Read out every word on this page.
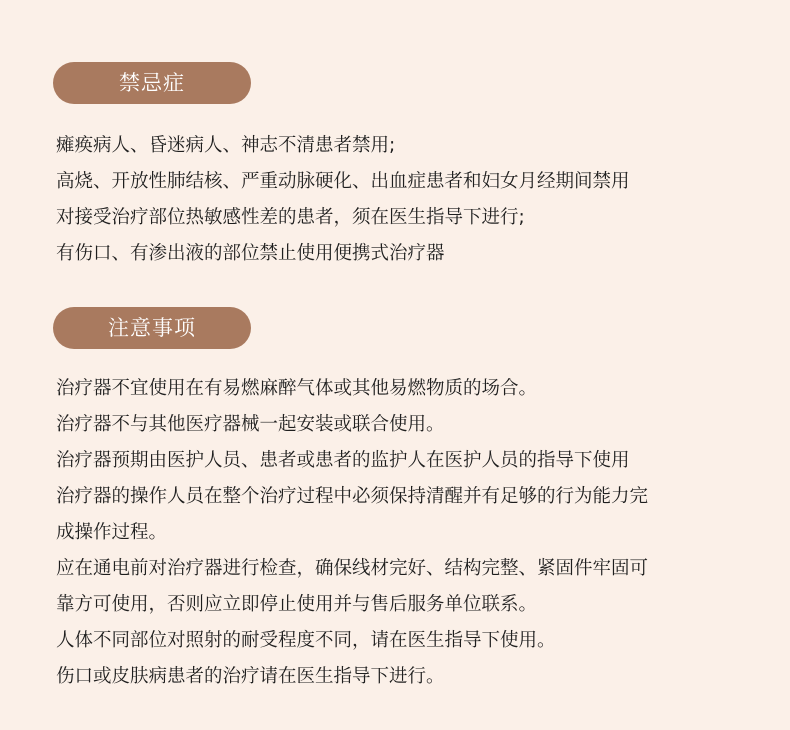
禁忌症
瘫痪病人、昏迷病人、神志不清患者禁用;
高烧、开放性肺结核、严重动脉硬化、出血症患者和妇女月经期间禁用
对接受治疗部位热敏感性差的患者，须在医生指导下进行;
有伤口、有渗出液的部位禁止使用便携式治疗器
注意事项
治疗器不宜使用在有易燃麻醉气体或其他易燃物质的场合。
治疗器不与其他医疗器械一起安装或联合使用。
治疗器预期由医护人员、患者或患者的监护人在医护人员的指导下使用
治疗器的操作人员在整个治疗过程中必须保持清醒并有足够的行为能力完
成操作过程。
应在通电前对治疗器进行检查，确保线材完好、结构完整、紧固件牢固可
靠方可使用，否则应立即停止使用并与售后服务单位联系。
人体不同部位对照射的耐受程度不同，请在医生指导下使用。
伤口或皮肤病患者的治疗请在医生指导下进行。
